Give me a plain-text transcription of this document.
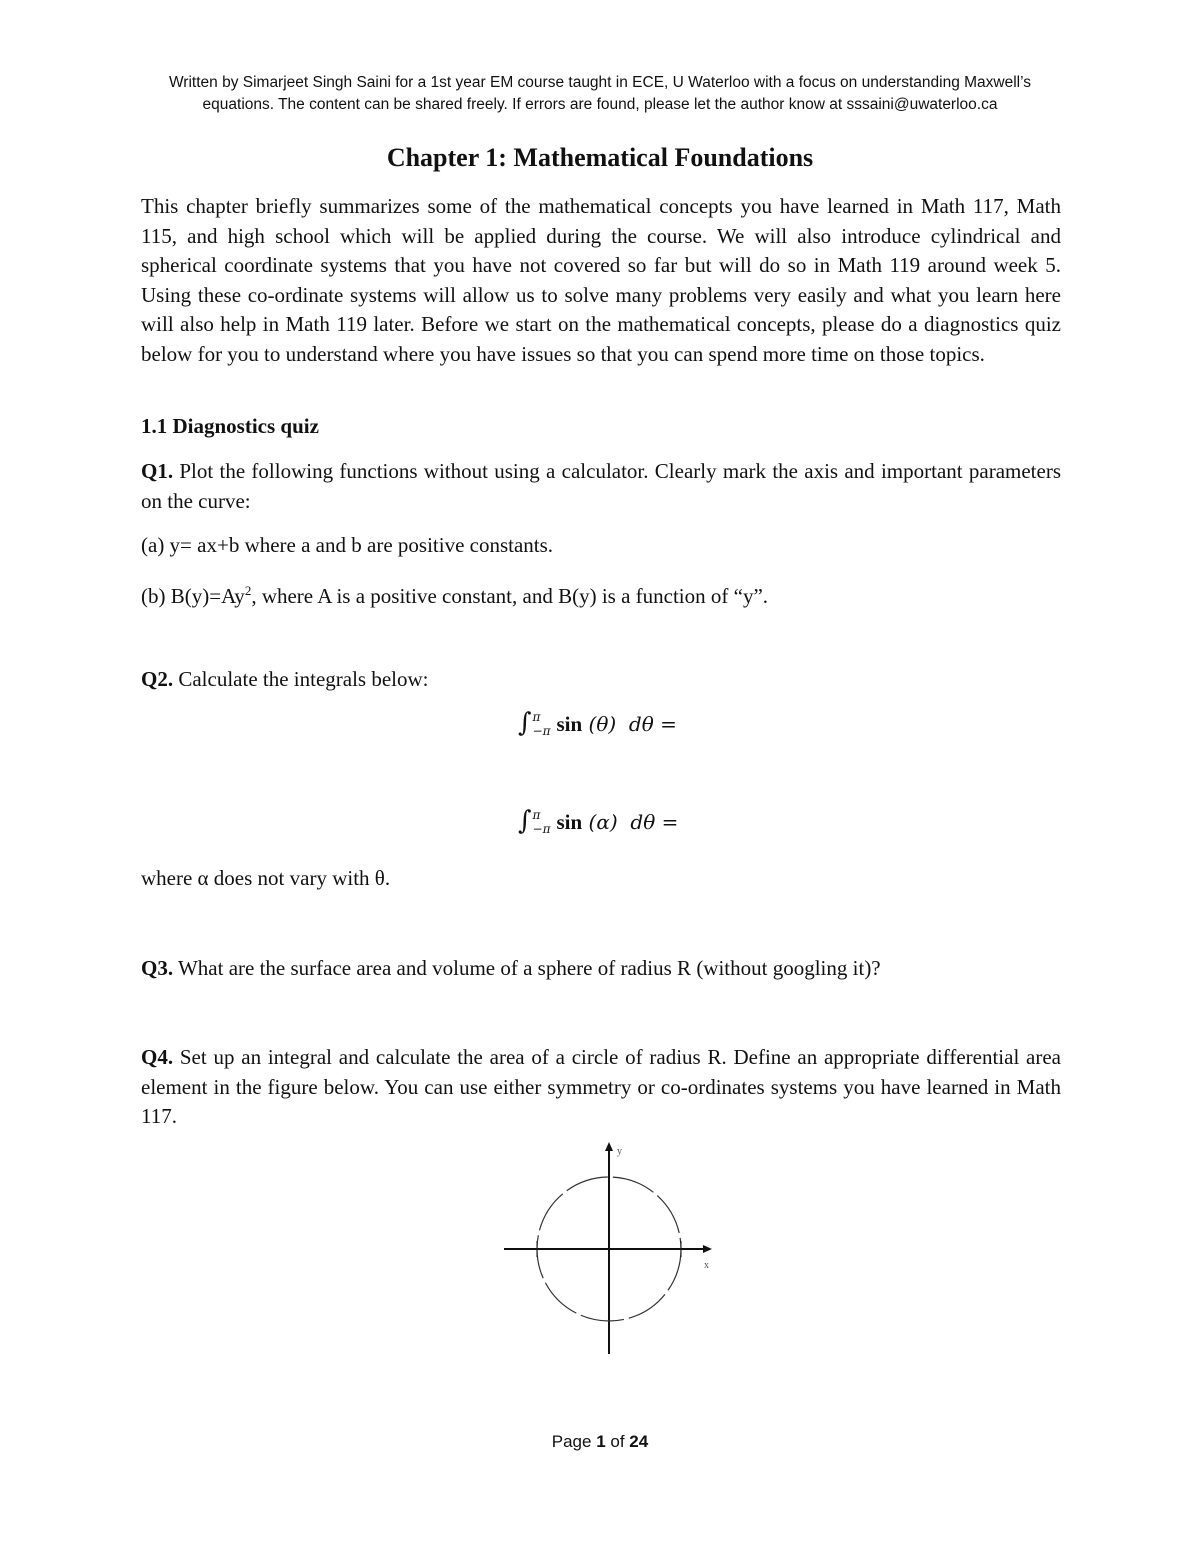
Written by Simarjeet Singh Saini for a 1st year EM course taught in ECE, U Waterloo with a focus on understanding Maxwell’s
equations. The content can be shared freely. If errors are found, please let the author know at sssaini@uwaterloo.ca
Chapter 1: Mathematical Foundations
This chapter briefly summarizes some of the mathematical concepts you have learned in Math 117, Math 115, and high school which will be applied during the course. We will also introduce cylindrical and spherical coordinate systems that you have not covered so far but will do so in Math 119 around week 5. Using these co-ordinate systems will allow us to solve many problems very easily and what you learn here will also help in Math 119 later. Before we start on the mathematical concepts, please do a diagnostics quiz below for you to understand where you have issues so that you can spend more time on those topics.
1.1 Diagnostics quiz
Q1. Plot the following functions without using a calculator. Clearly mark the axis and important parameters on the curve:
(a) y= ax+b where a and b are positive constants.
(b) $B(y)=Ay^2$, where A is a positive constant, and B(y) is a function of “y”.
Q2. Calculate the integrals below:
∫π
−π sin (θ) dθ =
∫π
−π sin (α) dθ =
where α does not vary with θ.
Q3. What are the surface area and volume of a sphere of radius R (without googling it)?
Q4. Set up an integral and calculate the area of a circle of radius R. Define an appropriate differential area element in the figure below. You can use either symmetry or co-ordinates systems you have learned in Math 117.
y
x
Page 1 of 24
